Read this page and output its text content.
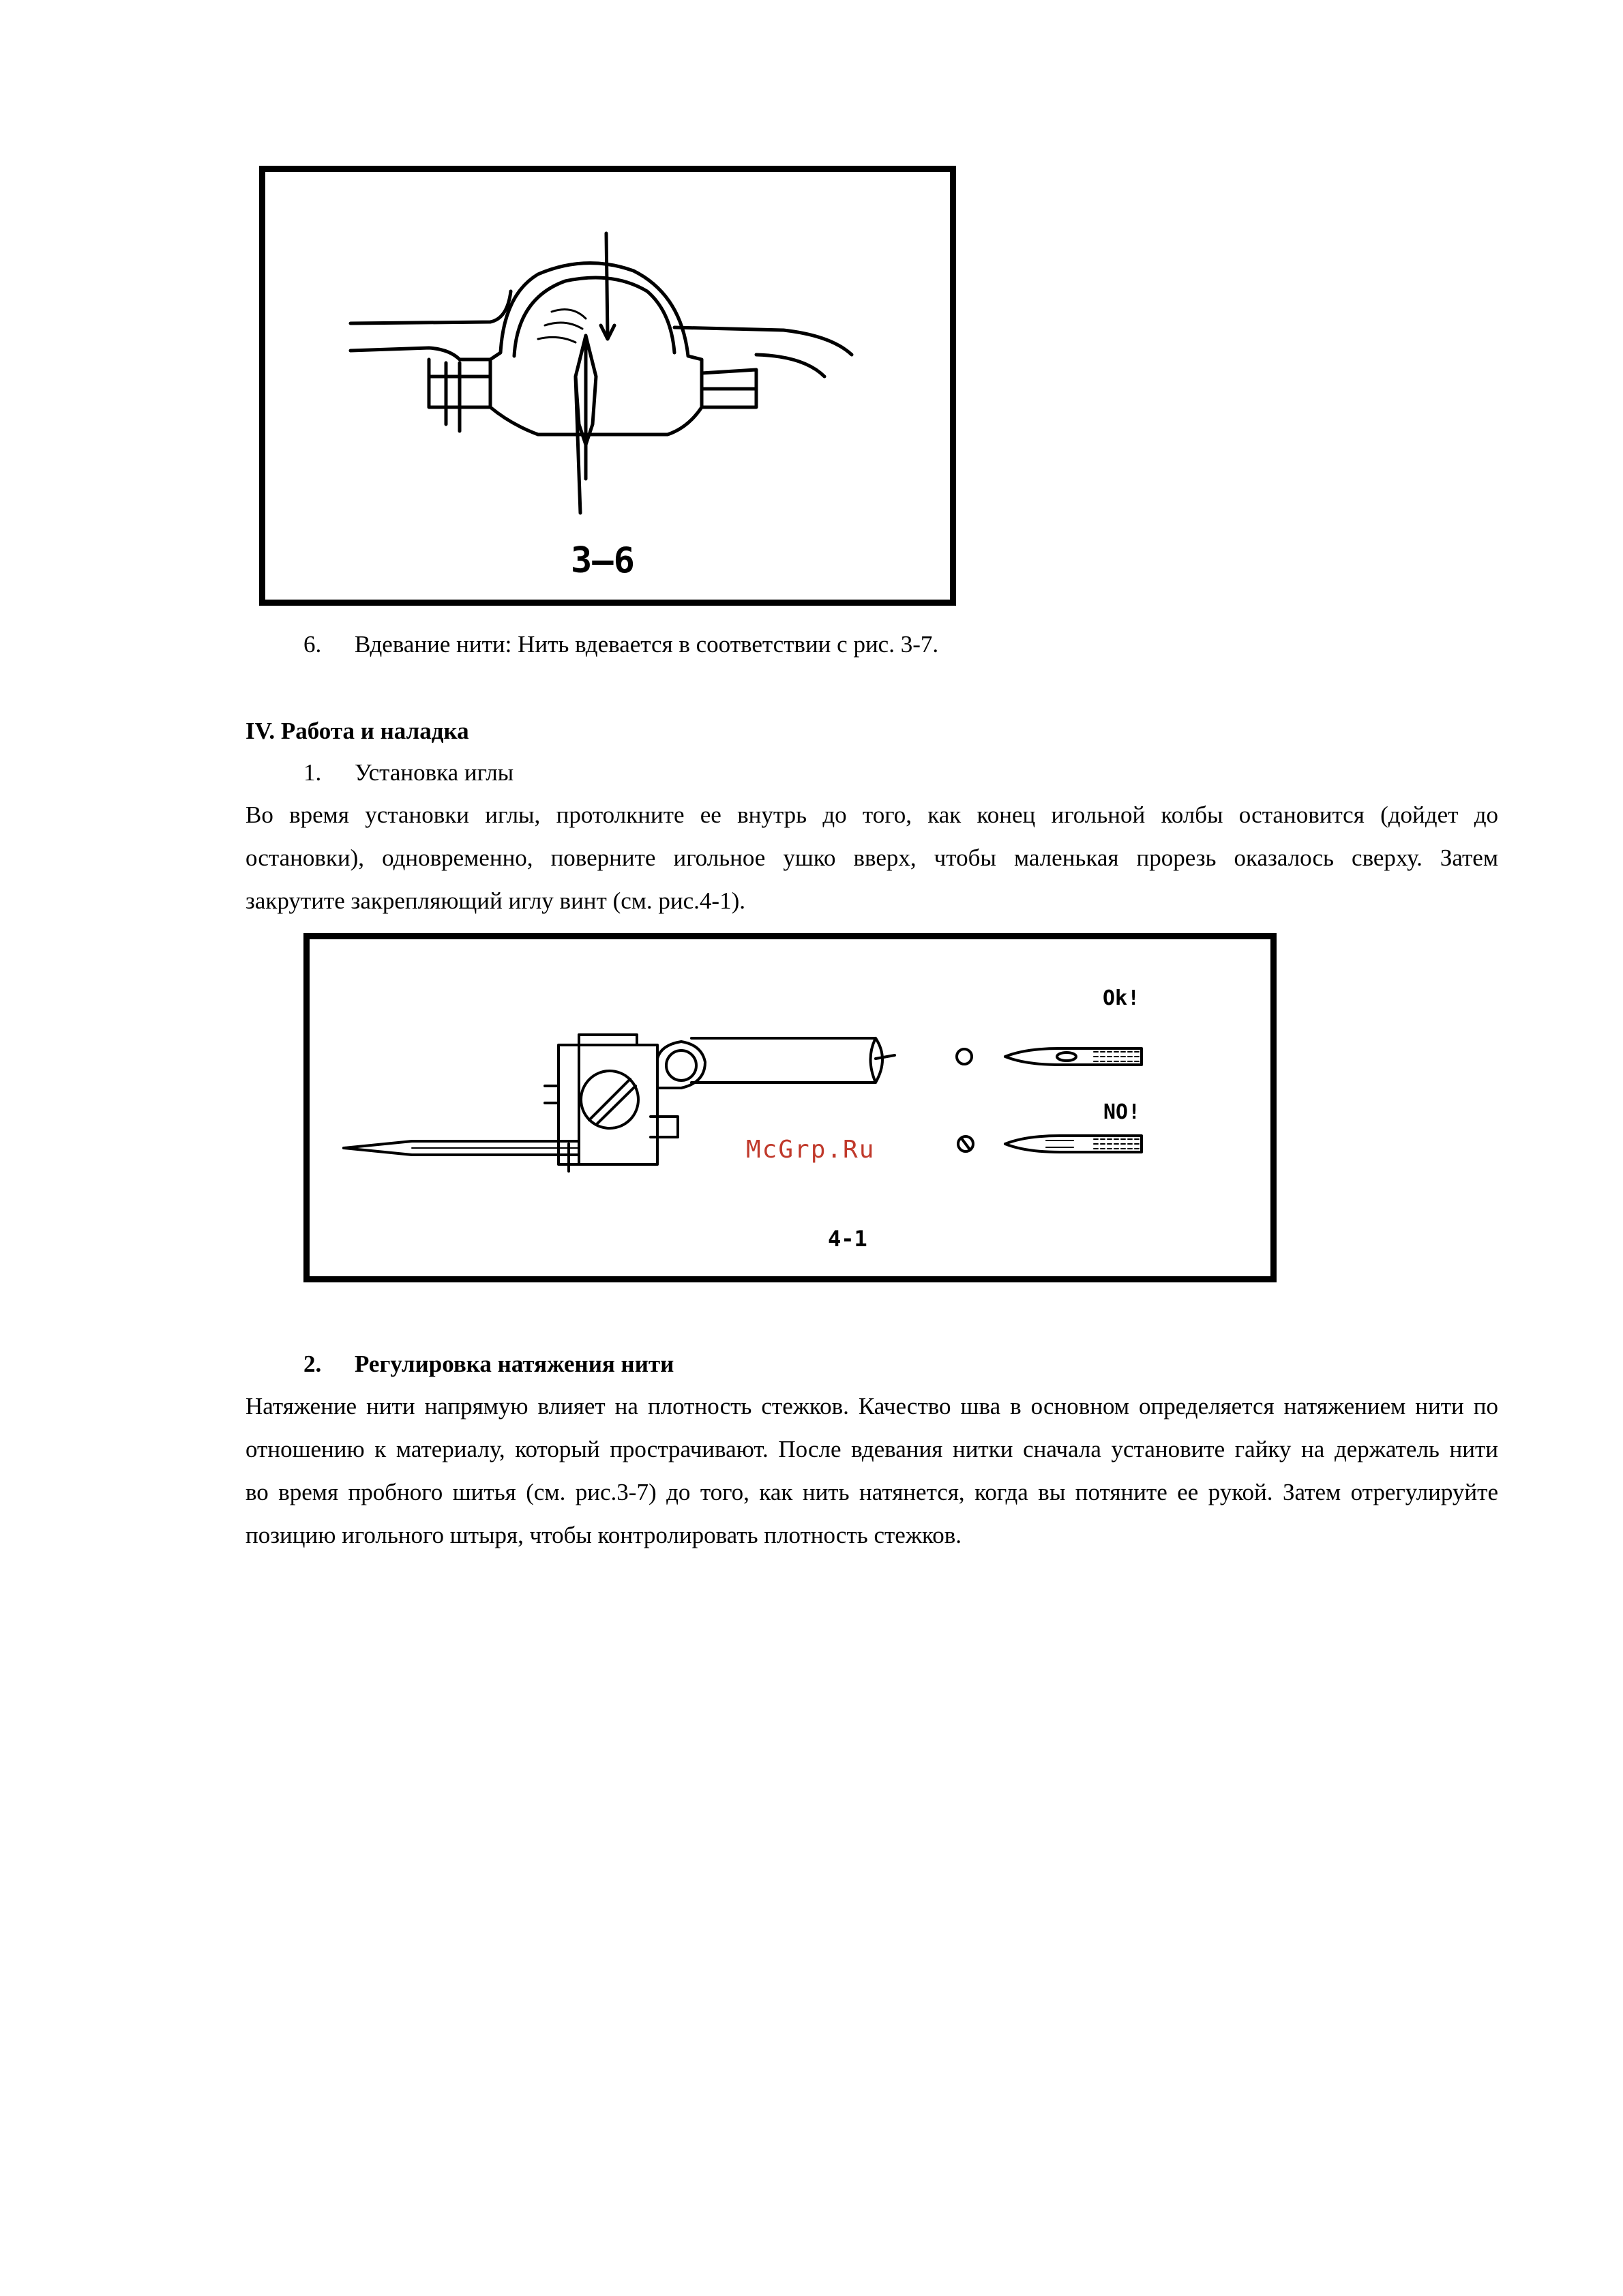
3–6
6. Вдевание нити: Нить вдевается в соответствии с рис. 3-7.
IV. Работа и наладка
1. Установка иглы
Во время установки иглы, протолкните ее внутрь до того, как конец игольной колбы остановится (дойдет до
остановки), одновременно, поверните игольное ушко вверх, чтобы маленькая прорезь оказалось сверху. Затем
закрутите закрепляющий иглу винт (см. рис.4-1).
Ok!
NO!
McGrp.Ru
4-1
2. Регулировка натяжения нити
Натяжение нити напрямую влияет на плотность стежков. Качество шва в основном определяется натяжением нити по
отношению к материалу, который прострачивают. После вдевания нитки сначала установите гайку на держатель нити
во время пробного шитья (см. рис.3-7) до того, как нить натянется, когда вы потяните ее рукой. Затем отрегулируйте
позицию игольного штыря, чтобы контролировать плотность стежков.
